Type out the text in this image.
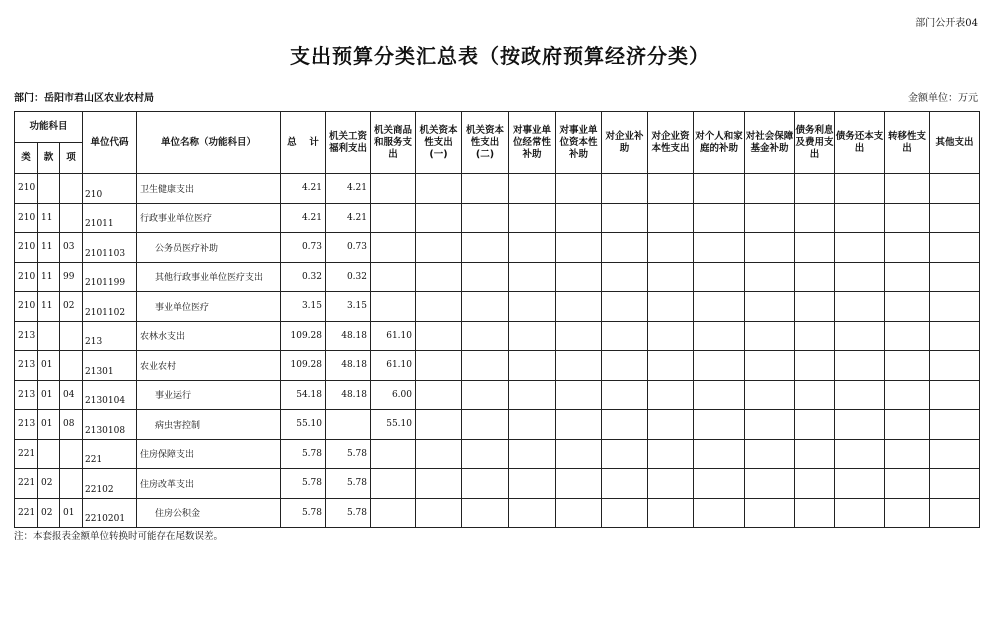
部门公开表04
支出预算分类汇总表（按政府预算经济分类）
部门：岳阳市君山区农业农村局	金额单位：万元
功能科目			单位代码	单位名称（功能科目）	总　 计	机关工资福利支出	机关商品和服务支出	机关资本性支出(一)	机关资本性支出(二)	对事业单位经常性补助	对事业单位资本性补助	对企业补助	对企业资本性支出	对个人和家庭的补助	对社会保障基金补助	债务利息及费用支出	债务还本支出	转移性支出	其他支出
类	款	项																	
210			210	卫生健康支出	4.21	4.21													
210	11		21011	行政事业单位医疗	4.21	4.21													
210	11	03	2101103	公务员医疗补助	0.73	0.73													
210	11	99	2101199	其他行政事业单位医疗支出	0.32	0.32													
210	11	02	2101102	事业单位医疗	3.15	3.15													
213			213	农林水支出	109.28	48.18	61.10												
213	01		21301	农业农村	109.28	48.18	61.10												
213	01	04	2130104	事业运行	54.18	48.18	6.00												
213	01	08	2130108	病虫害控制	55.10		55.10												
221			221	住房保障支出	5.78	5.78													
221	02		22102	住房改革支出	5.78	5.78													
221	02	01	2210201	住房公积金	5.78	5.78													
注：本套报表金额单位转换时可能存在尾数误差。
